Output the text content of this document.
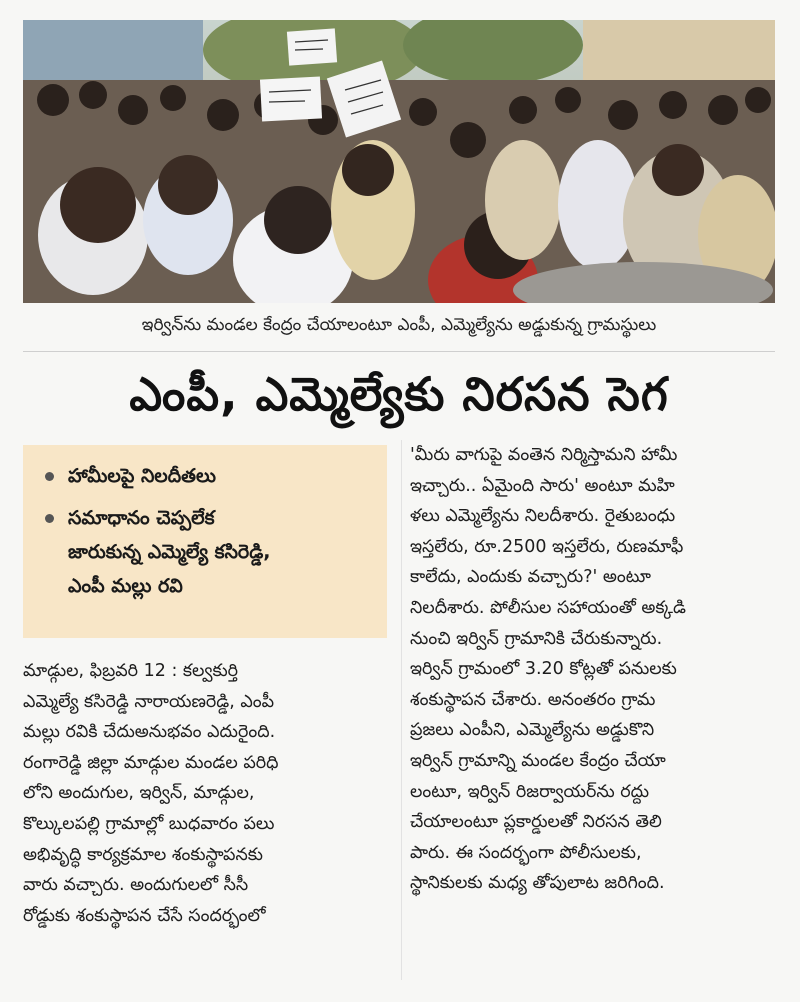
ఇర్విన్‌ను మండల కేంద్రం చేయాలంటూ ఎంపీ, ఎమ్మెల్యేను అడ్డుకున్న గ్రామస్థులు
ఎంపీ, ఎమ్మెల్యేకు నిరసన సెగ
హామీలపై నిలదీతలు
సమాధానం చెప్పలేక
జారుకున్న ఎమ్మెల్యే కసిరెడ్డి,
ఎంపీ మల్లు రవి
మాడ్గుల, ఫిబ్రవరి 12 : కల్వకుర్తి
ఎమ్మెల్యే కసిరెడ్డి నారాయణరెడ్డి, ఎంపీ
మల్లు రవికి చేదుఅనుభవం ఎదురైంది.
రంగారెడ్డి జిల్లా మాడ్గుల మండల పరిధి
లోని అందుగుల, ఇర్విన్, మాడ్గుల,
కొల్కులపల్లి గ్రామాల్లో బుధవారం పలు
అభివృద్ధి కార్యక్రమాల శంకుస్థాపనకు
వారు వచ్చారు. అందుగులలో సీసీ
రోడ్డుకు శంకుస్థాపన చేసే సందర్భంలో
'మీరు వాగుపై వంతెన నిర్మిస్తామని హామీ
ఇచ్చారు.. ఏమైంది సారు' అంటూ మహి
ళలు ఎమ్మెల్యేను నిలదీశారు. రైతుబంధు
ఇస్తలేరు, రూ.2500 ఇస్తలేరు, రుణమాఫీ
కాలేదు, ఎందుకు వచ్చారు?' అంటూ
నిలదీశారు. పోలీసుల సహాయంతో అక్కడి
నుంచి ఇర్విన్ గ్రామానికి చేరుకున్నారు.
ఇర్విన్ గ్రామంలో 3.20 కోట్లతో పనులకు
శంకుస్థాపన చేశారు. అనంతరం గ్రామ
ప్రజలు ఎంపీని, ఎమ్మెల్యేను అడ్డుకొని
ఇర్విన్ గ్రామాన్ని మండల కేంద్రం చేయా
లంటూ, ఇర్విన్ రిజర్వాయర్‌ను రద్దు
చేయాలంటూ ప్లకార్డులతో నిరసన తెలి
పారు. ఈ సందర్భంగా పోలీసులకు,
స్థానికులకు మధ్య తోపులాట జరిగింది.
